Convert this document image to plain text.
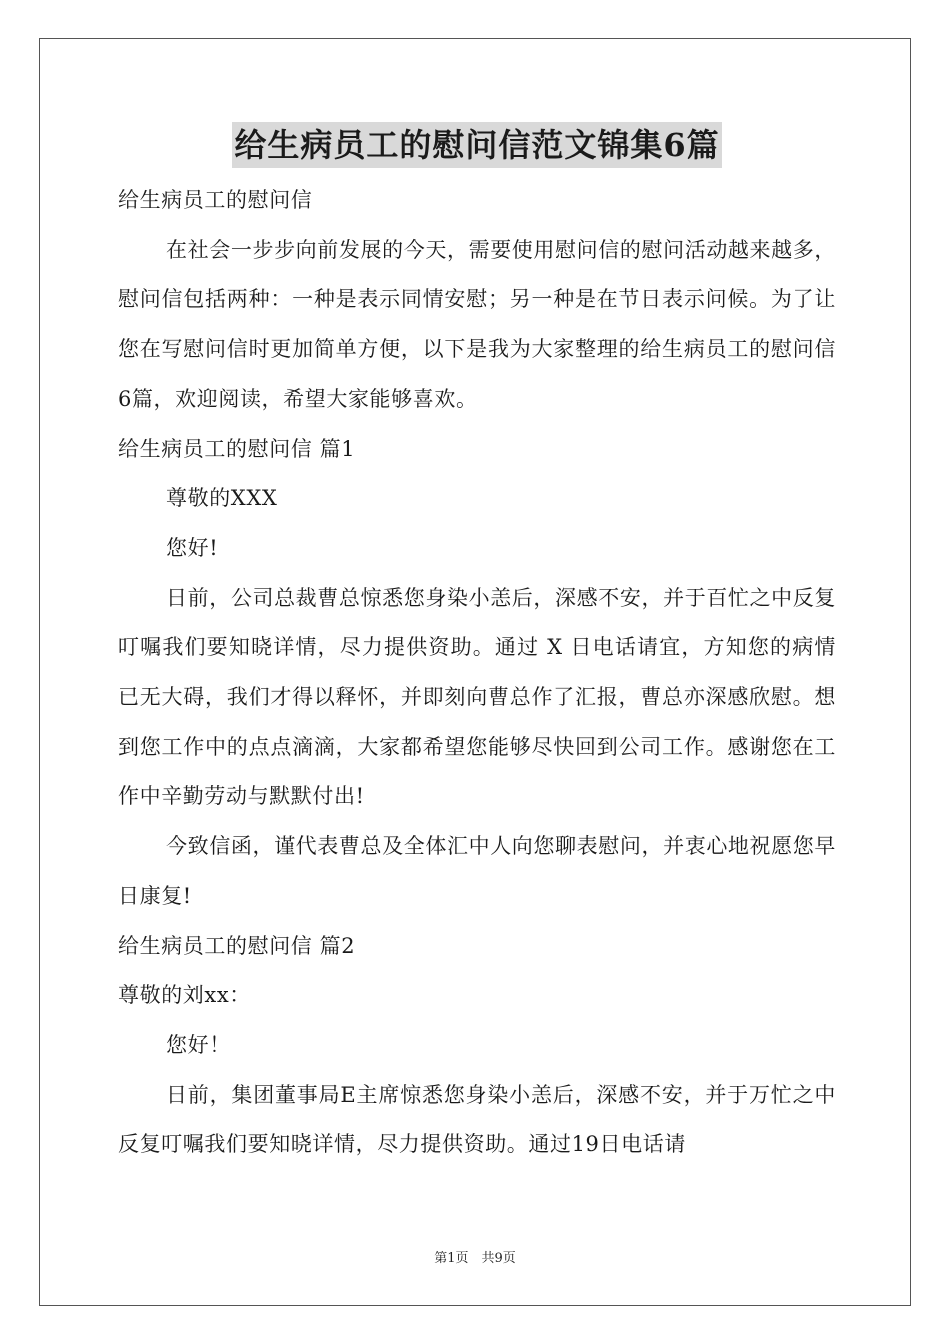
给生病员工的慰问信范文锦集6篇

给生病员工的慰问信

在社会一步步向前发展的今天，需要使用慰问信的慰问活动越来越多，慰问信包括两种：一种是表示同情安慰；另一种是在节日表示问候。为了让您在写慰问信时更加简单方便，以下是我为大家整理的给生病员工的慰问信6篇，欢迎阅读，希望大家能够喜欢。

给生病员工的慰问信 篇1

尊敬的XXX

您好!

日前，公司总裁曹总惊悉您身染小恙后，深感不安，并于百忙之中反复叮嘱我们要知晓详情，尽力提供资助。通过 X 日电话请宜，方知您的病情已无大碍，我们才得以释怀，并即刻向曹总作了汇报，曹总亦深感欣慰。想到您工作中的点点滴滴，大家都希望您能够尽快回到公司工作。感谢您在工作中辛勤劳动与默默付出!

今致信函，谨代表曹总及全体汇中人向您聊表慰问，并衷心地祝愿您早日康复!

给生病员工的慰问信 篇2

尊敬的刘xx：

您好！

日前，集团董事局E主席惊悉您身染小恙后，深感不安，并于万忙之中反复叮嘱我们要知晓详情，尽力提供资助。通过19日电话请

第1页　共9页
